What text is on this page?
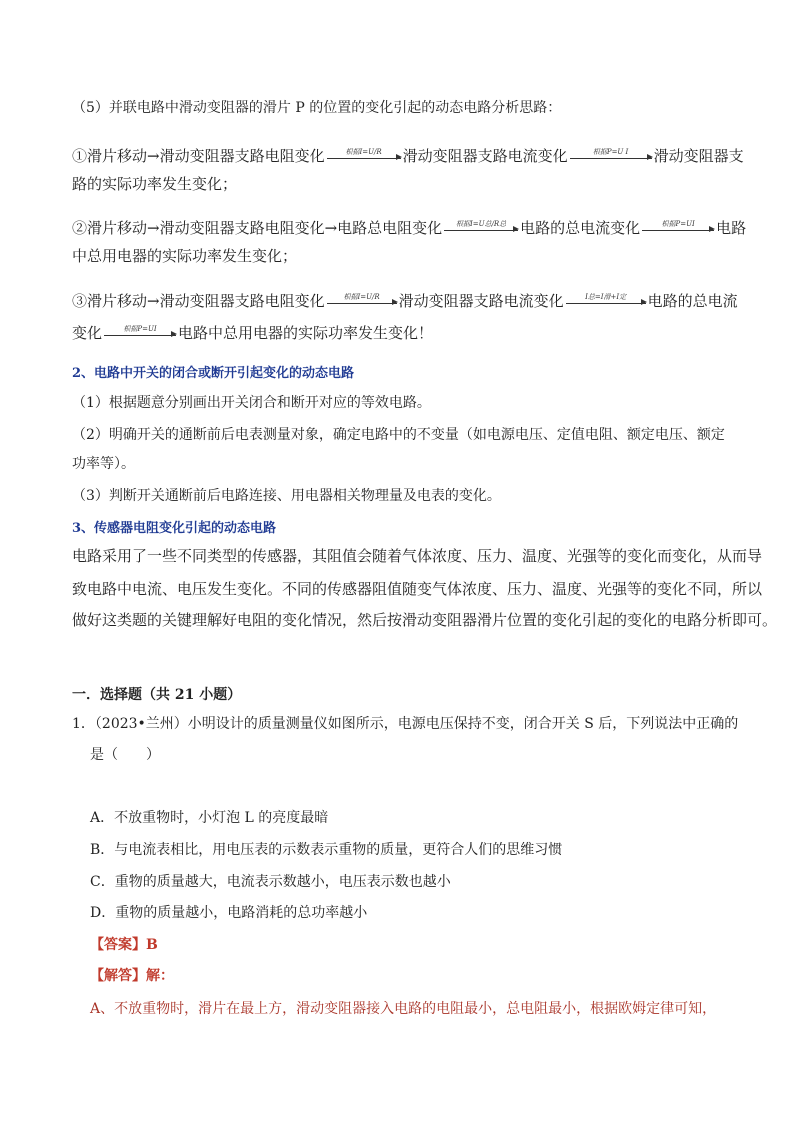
（5）并联电路中滑动变阻器的滑片 P 的位置的变化引起的动态电路分析思路：
①滑片移动→滑动变阻器支路电阻变化	根据I=U/R	滑动变阻器支路电流变化	根据P=U I	滑动变阻器支
路的实际功率发生变化；
②滑片移动→滑动变阻器支路电阻变化→电路总电阻变化	根据I=U总/R总 电路的总电流变化	根据P=UI	电路
中总用电器的实际功率发生变化；
③滑片移动→滑动变阻器支路电阻变化	根据I=U/R	滑动变阻器支路电流变化	I总=I滑+I定	电路的总电流
变化	根据P=UI	电路中总用电器的实际功率发生变化！
2、电路中开关的闭合或断开引起变化的动态电路
（1）根据题意分别画出开关闭合和断开对应的等效电路。
（2）明确开关的通断前后电表测量对象，确定电路中的不变量（如电源电压、定值电阻、额定电压、额定
功率等）。
（3）判断开关通断前后电路连接、用电器相关物理量及电表的变化。
3、传感器电阻变化引起的动态电路
电路采用了一些不同类型的传感器，其阻值会随着气体浓度、压力、温度、光强等的变化而变化，从而导
致电路中电流、电压发生变化。不同的传感器阻值随变气体浓度、压力、温度、光强等的变化不同，所以
做好这类题的关键理解好电阻的变化情况，然后按滑动变阻器滑片位置的变化引起的变化的电路分析即可。
一．选择题（共 21 小题）
1．（2023•兰州）小明设计的质量测量仪如图所示，电源电压保持不变，闭合开关 S 后，下列说法中正确的
是（　　）
A．不放重物时，小灯泡 L 的亮度最暗
B．与电流表相比，用电压表的示数表示重物的质量，更符合人们的思维习惯
C．重物的质量越大，电流表示数越小，电压表示数也越小
D．重物的质量越小，电路消耗的总功率越小
【答案】B
【解答】解：
A、不放重物时，滑片在最上方，滑动变阻器接入电路的电阻最小，总电阻最小，根据欧姆定律可知，
